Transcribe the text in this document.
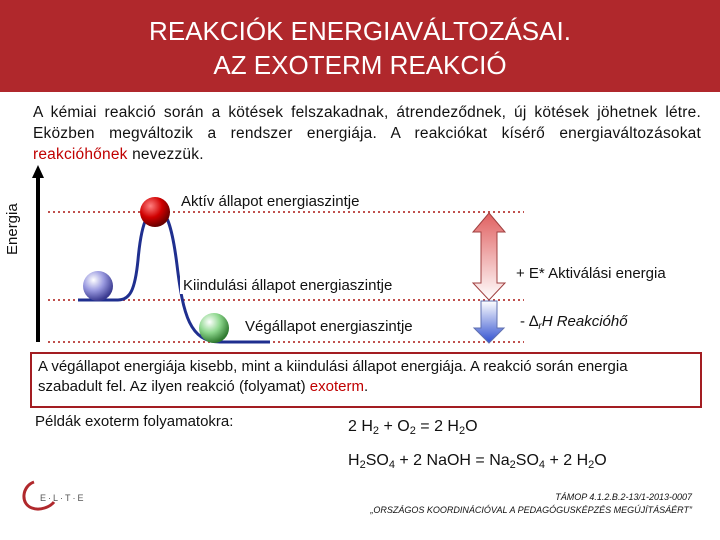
REAKCIÓK ENERGIAVÁLTOZÁSAI.
AZ EXOTERM REAKCIÓ
A kémiai reakció során a kötések felszakadnak, átrendeződnek, új kötések jöhetnek létre. Eközben megváltozik a rendszer energiája. A reakciókat kísérő energiaváltozásokat reakcióhőnek nevezzük.
Energia
Aktív állapot energiaszintje
Kiindulási állapot energiaszintje
Végállapot energiaszintje
+ E* Aktiválási energia
- $\Delta_rH$ Reakcióhő
A végállapot energiája kisebb, mint a kiindulási állapot energiája. A reakció során energia szabadult fel. Az ilyen reakció (folyamat) exoterm.
Példák exoterm folyamatokra:	2 $H_2 + O_2 = 2$ $H_2O$
$H_2SO_4 + 2$ NaOH = $Na_2SO_4 + 2$ $H_2O$
E·L·T·E	TÁMOP 4.1.2.B.2-13/1-2013-0007
„ORSZÁGOS KOORDINÁCIÓVAL A PEDAGÓGUSKÉPZÉS MEGÚJÍTÁSÁÉRT”
